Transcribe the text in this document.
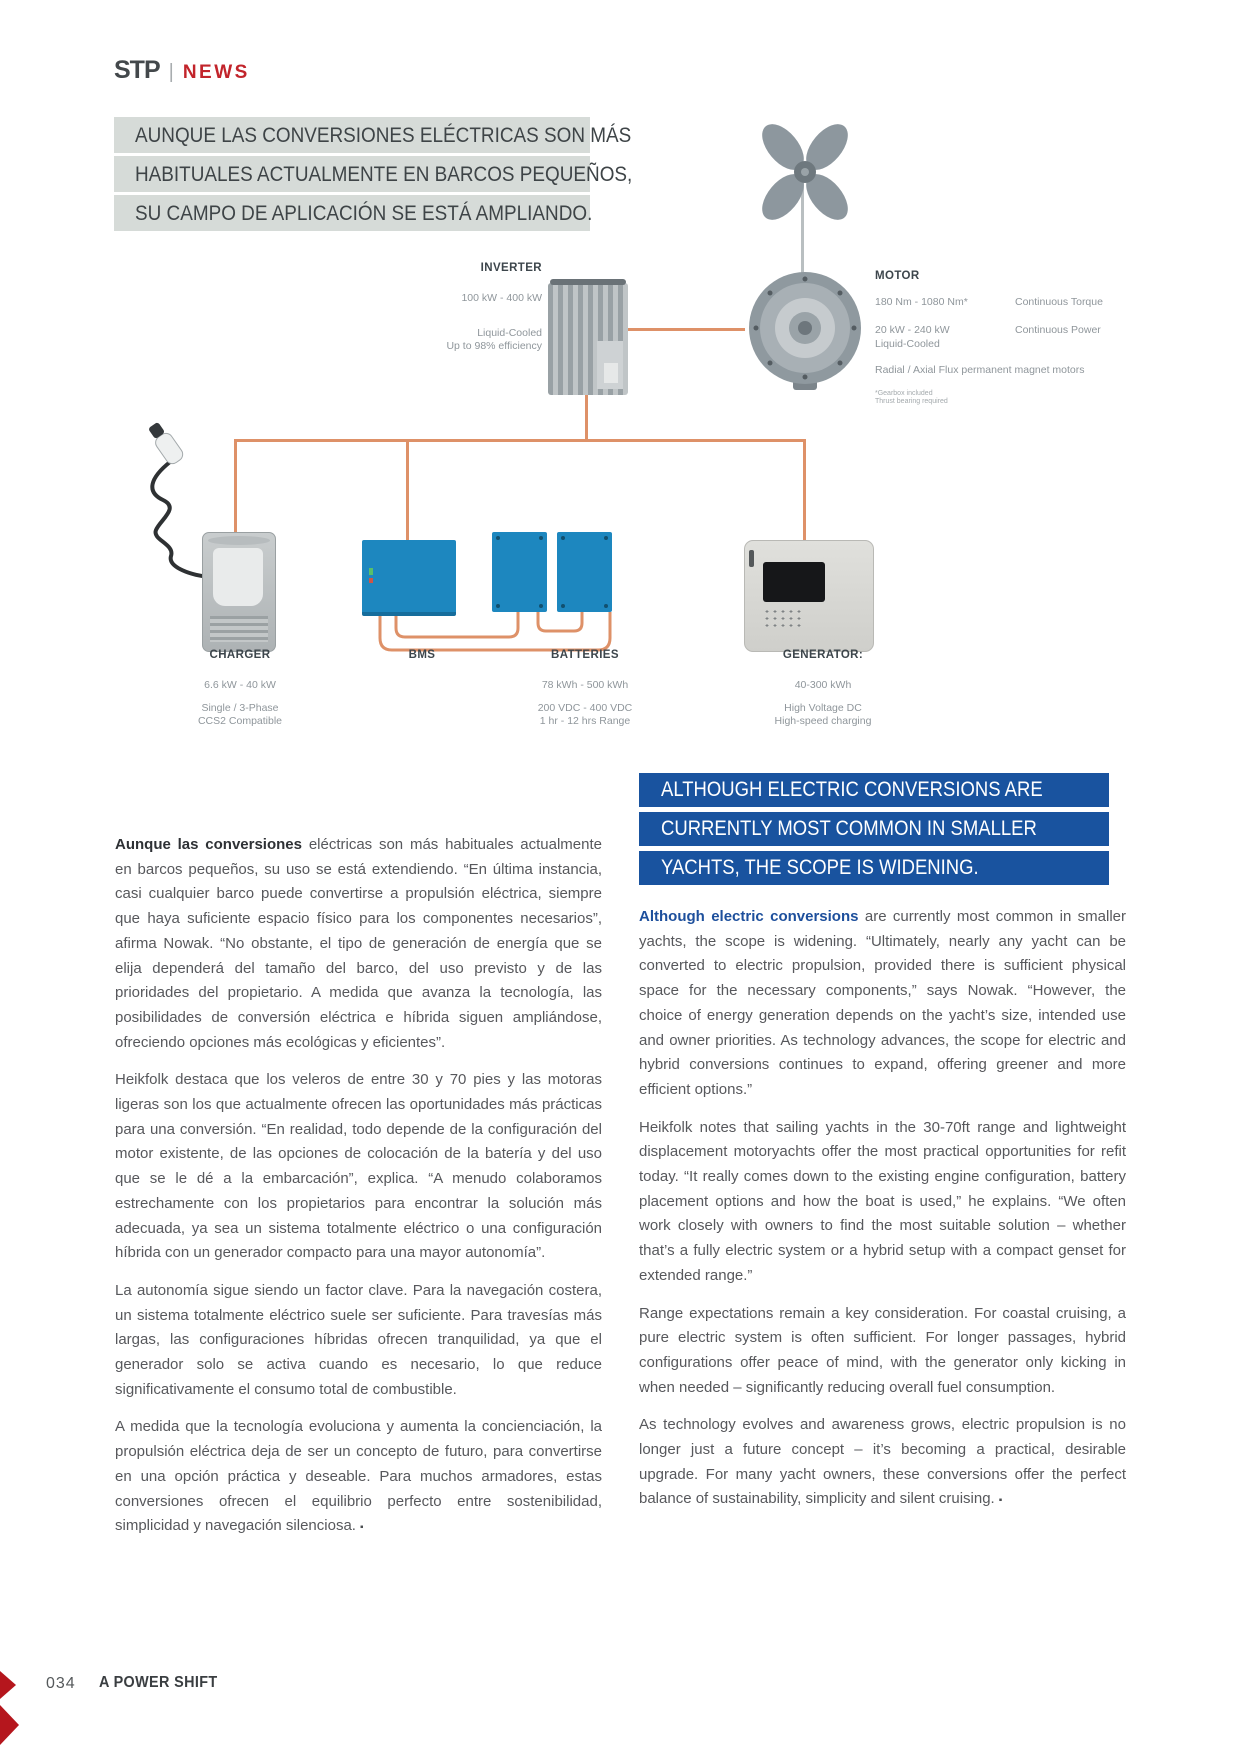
STP | NEWS
AUNQUE LAS CONVERSIONES ELÉCTRICAS SON MÁS
HABITUALES ACTUALMENTE EN BARCOS PEQUEÑOS,
SU CAMPO DE APLICACIÓN SE ESTÁ AMPLIANDO.
MOTOR
180 Nm - 1080 Nm*	Continuous Torque
20 kW - 240 kW	Continuous Power
Liquid-Cooled
Radial / Axial Flux permanent magnet motors
*Gearbox included
Thrust bearing required
INVERTER
100 kW - 400 kW
Liquid-Cooled
Up to 98% efficiency
CHARGER	BMS	BATTERIES	GENERATOR:
6.6 kW - 40 kW
Single / 3-Phase
CCS2 Compatible
78 kWh - 500 kWh
200 VDC - 400 VDC
1 hr - 12 hrs Range
40-300 kWh
High Voltage DC
High-speed charging
ALTHOUGH ELECTRIC CONVERSIONS ARE
CURRENTLY MOST COMMON IN SMALLER
YACHTS, THE SCOPE IS WIDENING.

Aunque las conversiones eléctricas son más habituales actualmente en barcos pequeños, su uso se está extendiendo. “En última instancia, casi cualquier barco puede convertirse a propulsión eléctrica, siempre que haya suficiente espacio físico para los componentes necesarios”, afirma Nowak. “No obstante, el tipo de generación de energía que se elija dependerá del tamaño del barco, del uso previsto y de las prioridades del propietario. A medida que avanza la tecnología, las posibilidades de conversión eléctrica e híbrida siguen ampliándose, ofreciendo opciones más ecológicas y eficientes”.

Heikfolk destaca que los veleros de entre 30 y 70 pies y las motoras ligeras son los que actualmente ofrecen las oportunidades más prácticas para una conversión. “En realidad, todo depende de la configuración del motor existente, de las opciones de colocación de la batería y del uso que se le dé a la embarcación”, explica. “A menudo colaboramos estrechamente con los propietarios para encontrar la solución más adecuada, ya sea un sistema totalmente eléctrico o una configuración híbrida con un generador compacto para una mayor autonomía”.

La autonomía sigue siendo un factor clave. Para la navegación costera, un sistema totalmente eléctrico suele ser suficiente. Para travesías más largas, las configuraciones híbridas ofrecen tranquilidad, ya que el generador solo se activa cuando es necesario, lo que reduce significativamente el consumo total de combustible.

A medida que la tecnología evoluciona y aumenta la concienciación, la propulsión eléctrica deja de ser un concepto de futuro, para convertirse en una opción práctica y deseable. Para muchos armadores, estas conversiones ofrecen el equilibrio perfecto entre sostenibilidad, simplicidad y navegación silenciosa. ▪

Although electric conversions are currently most common in smaller yachts, the scope is widening. “Ultimately, nearly any yacht can be converted to electric propulsion, provided there is sufficient physical space for the necessary components,” says Nowak. “However, the choice of energy generation depends on the yacht’s size, intended use and owner priorities. As technology advances, the scope for electric and hybrid conversions continues to expand, offering greener and more efficient options.”

Heikfolk notes that sailing yachts in the 30-70ft range and lightweight displacement motoryachts offer the most practical opportunities for refit today. “It really comes down to the existing engine configuration, battery placement options and how the boat is used,” he explains. “We often work closely with owners to find the most suitable solution – whether that’s a fully electric system or a hybrid setup with a compact genset for extended range.”

Range expectations remain a key consideration. For coastal cruising, a pure electric system is often sufficient. For longer passages, hybrid configurations offer peace of mind, with the generator only kicking in when needed – significantly reducing overall fuel consumption.

As technology evolves and awareness grows, electric propulsion is no longer just a future concept – it’s becoming a practical, desirable upgrade. For many yacht owners, these conversions offer the perfect balance of sustainability, simplicity and silent cruising. ▪

034 A POWER SHIFT
